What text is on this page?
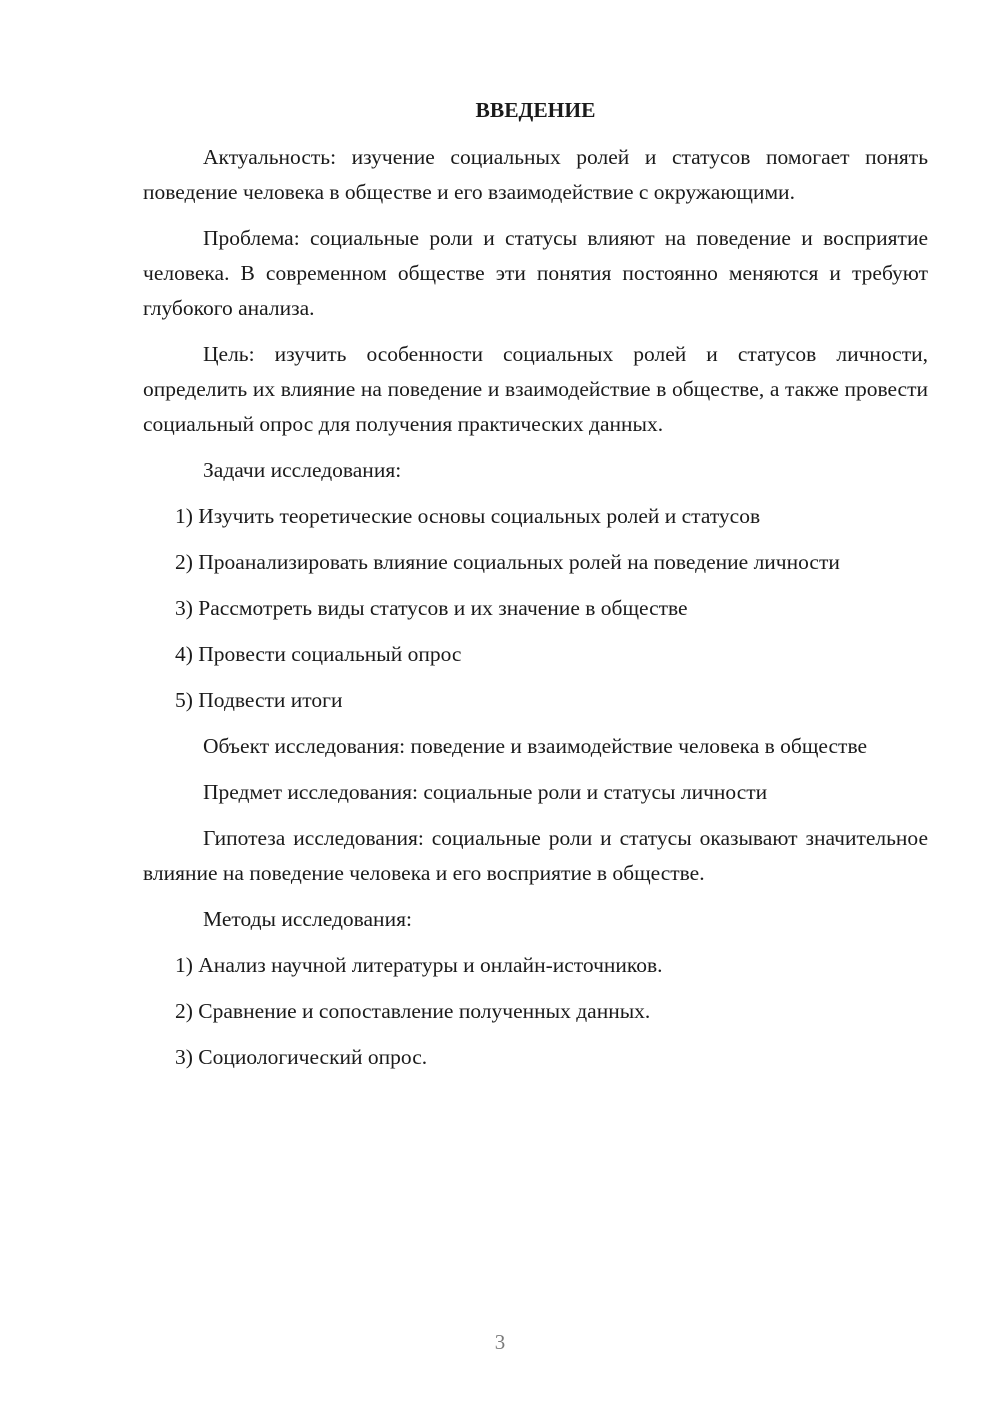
ВВЕДЕНИЕ

Актуальность: изучение социальных ролей и статусов помогает понять поведение человека в обществе и его взаимодействие с окружающими.

Проблема: социальные роли и статусы влияют на поведение и восприятие человека. В современном обществе эти понятия постоянно меняются и требуют глубокого анализа.

Цель: изучить особенности социальных ролей и статусов личности, определить их влияние на поведение и взаимодействие в обществе, а также провести социальный опрос для получения практических данных.

Задачи исследования:

1) Изучить теоретические основы социальных ролей и статусов

2) Проанализировать влияние социальных ролей на поведение личности

3) Рассмотреть виды статусов и их значение в обществе

4) Провести социальный опрос

5) Подвести итоги

Объект исследования: поведение и взаимодействие человека в обществе

Предмет исследования: социальные роли и статусы личности

Гипотеза исследования: социальные роли и статусы оказывают значительное влияние на поведение человека и его восприятие в обществе.

Методы исследования:

1) Анализ научной литературы и онлайн-источников.

2) Сравнение и сопоставление полученных данных.

3) Социологический опрос.

3
